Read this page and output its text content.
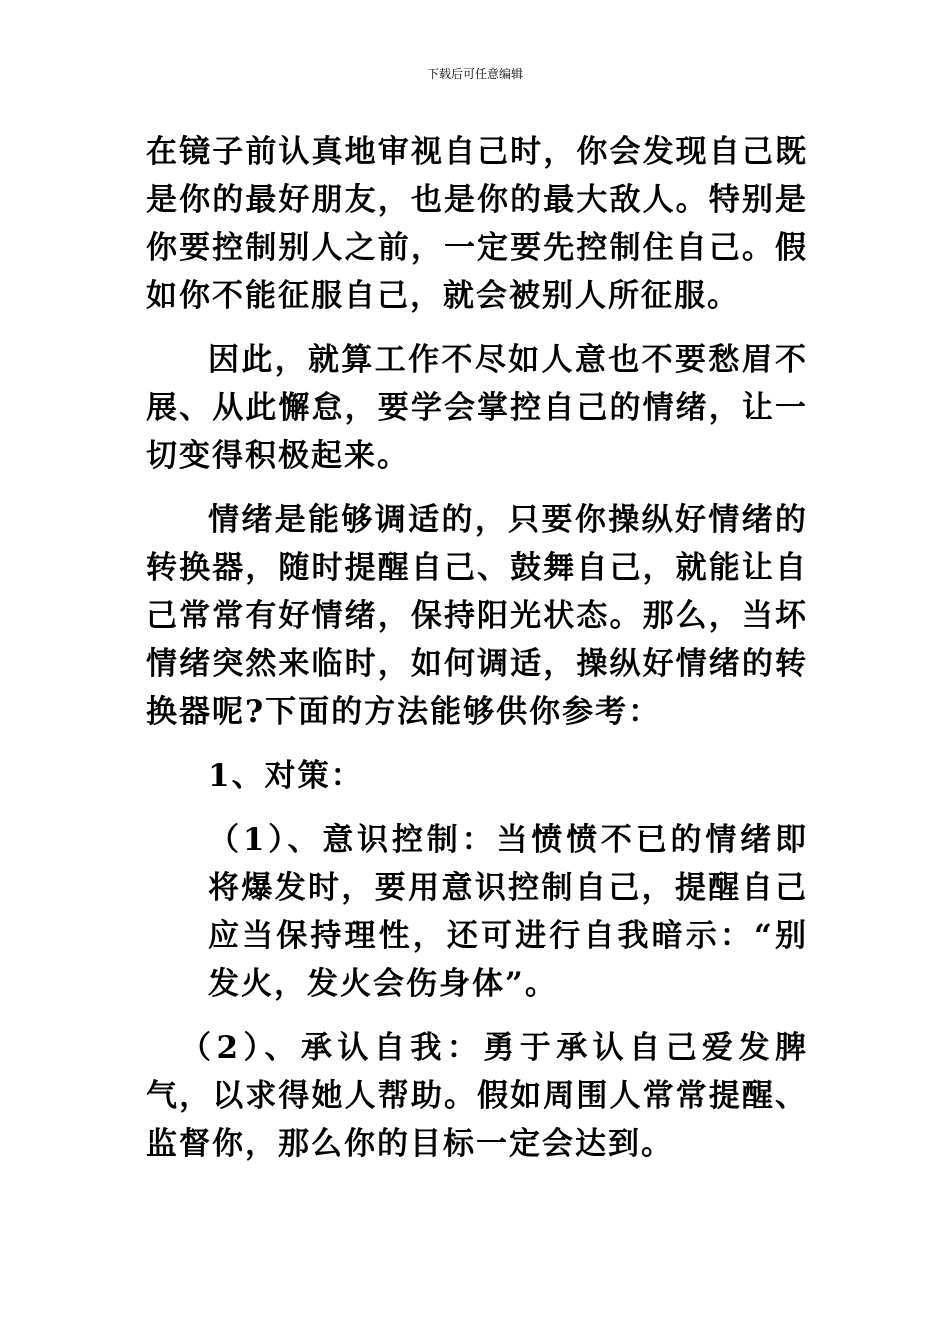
下载后可任意编辑

在镜子前认真地审视自己时，你会发现自己既是你的最好朋友，也是你的最大敌人。特别是你要控制别人之前，一定要先控制住自己。假如你不能征服自己，就会被别人所征服。

因此，就算工作不尽如人意也不要愁眉不展、从此懈怠，要学会掌控自己的情绪，让一切变得积极起来。

情绪是能够调适的，只要你操纵好情绪的转换器，随时提醒自己、鼓舞自己，就能让自己常常有好情绪，保持阳光状态。那么，当坏情绪突然来临时，如何调适，操纵好情绪的转换器呢?下面的方法能够供你参考：

1、对策：

（1）、意识控制：当愤愤不已的情绪即将爆发时，要用意识控制自己，提醒自己应当保持理性，还可进行自我暗示：“别发火，发火会伤身体”。

（2）、承认自我：勇于承认自己爱发脾气，以求得她人帮助。假如周围人常常提醒、监督你，那么你的目标一定会达到。
